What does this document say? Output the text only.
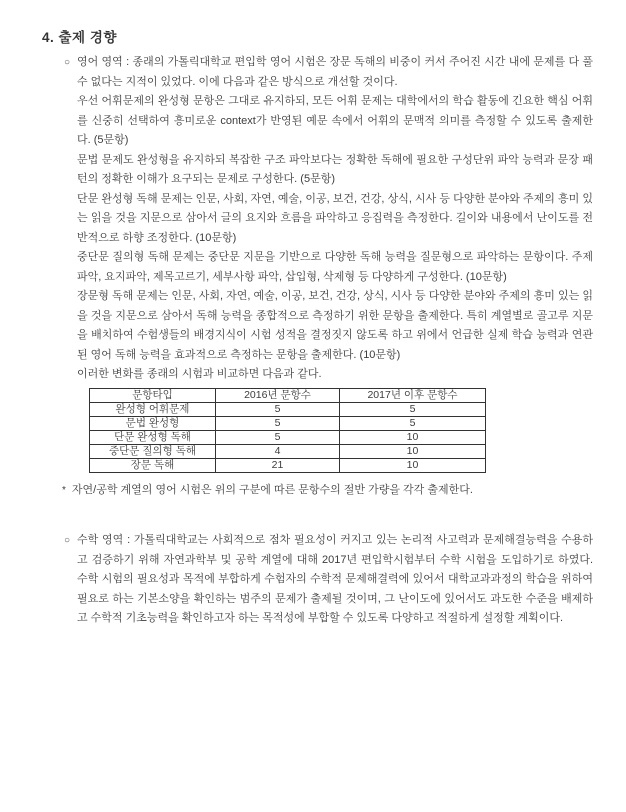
4. 출제 경향
○ 영어 영역 : 종래의 가톨릭대학교 편입학 영어 시험은 장문 독해의 비중이 커서 주어진 시간 내에 문제를 다 풀 수 없다는 지적이 있었다. 이에 다음과 같은 방식으로 개선할 것이다.

우선 어휘문제의 완성형 문항은 그대로 유지하되, 모든 어휘 문제는 대학에서의 학습 활동에 긴요한 핵심 어휘를 신중히 선택하여 흥미로운 context가 반영된 예문 속에서 어휘의 문맥적 의미를 측정할 수 있도록 출제한다. (5문항)

문법 문제도 완성형을 유지하되 복잡한 구조 파악보다는 정확한 독해에 필요한 구성단위 파악 능력과 문장 패턴의 정확한 이해가 요구되는 문제로 구성한다. (5문항)

단문 완성형 독해 문제는 인문, 사회, 자연, 예술, 이공, 보건, 건강, 상식, 시사 등 다양한 분야와 주제의 흥미 있는 읽을 것을 지문으로 삼아서 글의 요지와 흐름을 파악하고 응집력을 측정한다. 길이와 내용에서 난이도를 전반적으로 하향 조정한다. (10문항)

중단문 질의형 독해 문제는 중단문 지문을 기반으로 다양한 독해 능력을 질문형으로 파악하는 문항이다. 주제파악, 요지파악, 제목고르기, 세부사항 파악, 삽입형, 삭제형 등 다양하게 구성한다. (10문항)

장문형 독해 문제는 인문, 사회, 자연, 예술, 이공, 보건, 건강, 상식, 시사 등 다양한 분야와 주제의 흥미 있는 읽을 것을 지문으로 삼아서 독해 능력을 종합적으로 측정하기 위한 문항을 출제한다. 특히 계열별로 골고루 지문을 배치하여 수험생들의 배경지식이 시험 성적을 결정짓지 않도록 하고 위에서 언급한 실제 학습 능력과 연관된 영어 독해 능력을 효과적으로 측정하는 문항을 출제한다. (10문항)

이러한 변화를 종래의 시험과 비교하면 다음과 같다.

문항타입	2016년 문항수	2017년 이후 문항수
완성형 어휘문제	5	5
문법 완성형	5	5
단문 완성형 독해	5	10
중단문 질의형 독해	4	10
장문 독해	21	10
* 자연/공학 계열의 영어 시험은 위의 구분에 따른 문항수의 절반 가량을 각각 출제한다.
○ 수학 영역 : 가톨릭대학교는 사회적으로 점차 필요성이 커지고 있는 논리적 사고력과 문제해결능력을 수용하고 검증하기 위해 자연과학부 및 공학 계열에 대해 2017년 편입학시험부터 수학 시험을 도입하기로 하였다. 수학 시험의 필요성과 목적에 부합하게 수험자의 수학적 문제해결력에 있어서 대학교과과정의 학습을 위하여 필요로 하는 기본소양을 확인하는 범주의 문제가 출제될 것이며, 그 난이도에 있어서도 과도한 수준을 배제하고 수학적 기초능력을 확인하고자 하는 목적성에 부합할 수 있도록 다양하고 적절하게 설정할 계획이다.
